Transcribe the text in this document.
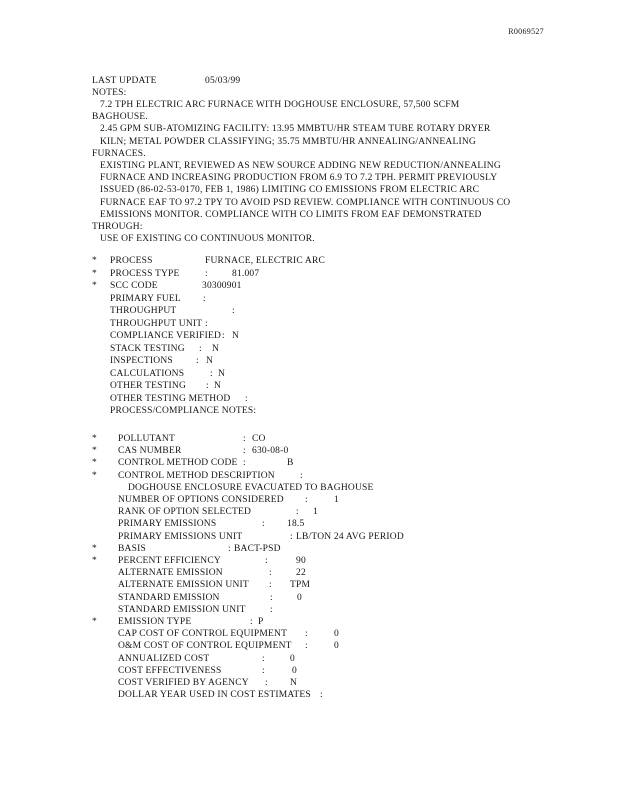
R0069527
LAST UPDATE	05/03/99
NOTES:
7.2 TPH ELECTRIC ARC FURNACE WITH DOGHOUSE ENCLOSURE, 57,500 SCFM
BAGHOUSE.
2.45 GPM SUB-ATOMIZING FACILITY: 13.95 MMBTU/HR STEAM TUBE ROTARY DRYER
KILN; METAL POWDER CLASSIFYING; 35.75 MMBTU/HR ANNEALING/ANNEALING
FURNACES.
EXISTING PLANT, REVIEWED AS NEW SOURCE ADDING NEW REDUCTION/ANNEALING
FURNACE AND INCREASING PRODUCTION FROM 6.9 TO 7.2 TPH. PERMIT PREVIOUSLY
ISSUED (86-02-53-0170, FEB 1, 1986) LIMITING CO EMISSIONS FROM ELECTRIC ARC
FURNACE EAF TO 97.2 TPY TO AVOID PSD REVIEW. COMPLIANCE WITH CONTINUOUS CO
EMISSIONS MONITOR. COMPLIANCE WITH CO LIMITS FROM EAF DEMONSTRATED
THROUGH:
USE OF EXISTING CO CONTINUOUS MONITOR.
* PROCESS	FURNACE, ELECTRIC ARC
* PROCESS TYPE	:	81.007
* SCC CODE	30300901
PRIMARY FUEL :
THROUGHPUT	:
THROUGHPUT UNIT :
COMPLIANCE VERIFIED : N
STACK TESTING : N
INSPECTIONS : N
CALCULATIONS	: N
OTHER TESTING : N
OTHER TESTING METHOD :
PROCESS/COMPLIANCE NOTES:
* POLLUTANT	: CO
* CAS NUMBER	: 630-08-0
* CONTROL METHOD CODE :	B
* CONTROL METHOD DESCRIPTION	:
DOGHOUSE ENCLOSURE EVACUATED TO BAGHOUSE
NUMBER OF OPTIONS CONSIDERED :	1
RANK OF OPTION SELECTED	: 1
PRIMARY EMISSIONS	: 18.5
PRIMARY EMISSIONS UNIT	: LB/TON 24 AVG PERIOD
* BASIS	: BACT-PSD
* PERCENT EFFICIENCY	:	90
ALTERNATE EMISSION	:	22
ALTERNATE EMISSION UNIT : TPM
STANDARD EMISSION	:	0
STANDARD EMISSION UNIT	:
* EMISSION TYPE	: P
CAP COST OF CONTROL EQUIPMENT :	0
O&M COST OF CONTROL EQUIPMENT :	0
ANNUALIZED COST	:	0
COST EFFECTIVENESS	:	0
COST VERIFIED BY AGENCY : N
DOLLAR YEAR USED IN COST ESTIMATES :
